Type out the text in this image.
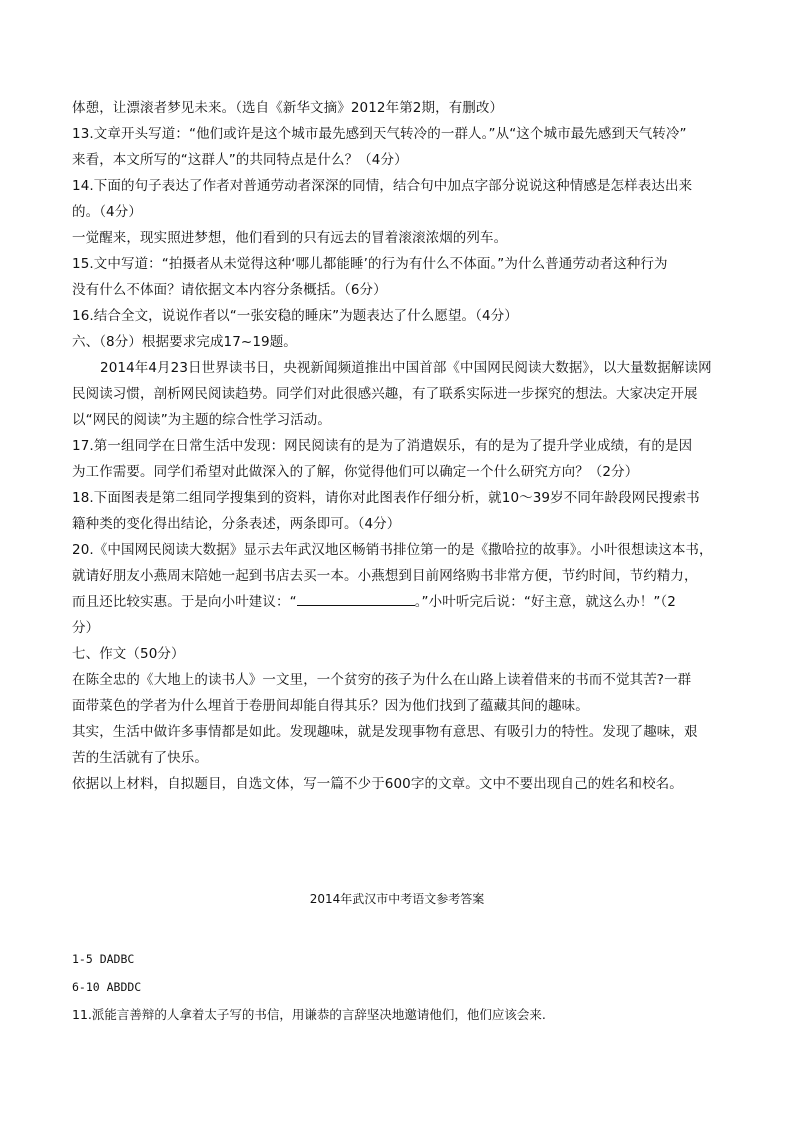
体憩，让漂滚者梦见未来。（选自《新华文摘》2012年第2期，有删改）
13.文章开头写道：“他们或许是这个城市最先感到天气转冷的一群人。”从“这个城市最先感到天气转冷”
来看，本文所写的“这群人”的共同特点是什么？（4分）
14.下面的句子表达了作者对普通劳动者深深的同情，结合句中加点字部分说说这种情感是怎样表达出来
的。（4分）
一觉醒来，现实照进梦想，他们看到的只有远去的冒着滚滚浓烟的列车。
15.文中写道：“拍摄者从未觉得这种‘哪儿都能睡’的行为有什么不体面。”为什么普通劳动者这种行为
没有什么不体面？请依据文本内容分条概括。（6分）
16.结合全文，说说作者以“一张安稳的睡床”为题表达了什么愿望。（4分）
六、（8分）根据要求完成17~19题。
2014年4月23日世界读书日，央视新闻频道推出中国首部《中国网民阅读大数据》，以大量数据解读网
民阅读习惯，剖析网民阅读趋势。同学们对此很感兴趣，有了联系实际进一步探究的想法。大家决定开展
以“网民的阅读”为主题的综合性学习活动。
17.第一组同学在日常生活中发现：网民阅读有的是为了消遣娱乐，有的是为了提升学业成绩，有的是因
为工作需要。同学们希望对此做深入的了解，你觉得他们可以确定一个什么研究方向？（2分）
18.下面图表是第二组同学搜集到的资料，请你对此图表作仔细分析，就10～39岁不同年龄段网民搜索书
籍种类的变化得出结论，分条表述，两条即可。（4分）
20.《中国网民阅读大数据》显示去年武汉地区畅销书排位第一的是《撒哈拉的故事》。小叶很想读这本书，
就请好朋友小燕周末陪她一起到书店去买一本。小燕想到目前网络购书非常方便，节约时间，节约精力，
而且还比较实惠。于是向小叶建议：“	。”小叶听完后说：“好主意，就这么办！”（2
分）
七、作文（50分）
在陈全忠的《大地上的读书人》一文里，一个贫穷的孩子为什么在山路上读着借来的书而不觉其苦?一群
面带菜色的学者为什么埋首于卷册间却能自得其乐？因为他们找到了蕴藏其间的趣味。
其实，生活中做许多事情都是如此。发现趣味，就是发现事物有意思、有吸引力的特性。发现了趣味，艰
苦的生活就有了快乐。
依据以上材料，自拟题目，自选文体，写一篇不少于600字的文章。文中不要出现自己的姓名和校名。
2014年武汉市中考语文参考答案
1-5 DADBC
6-10 ABDDC
11.派能言善辩的人拿着太子写的书信，用谦恭的言辞坚决地邀请他们，他们应该会来.
